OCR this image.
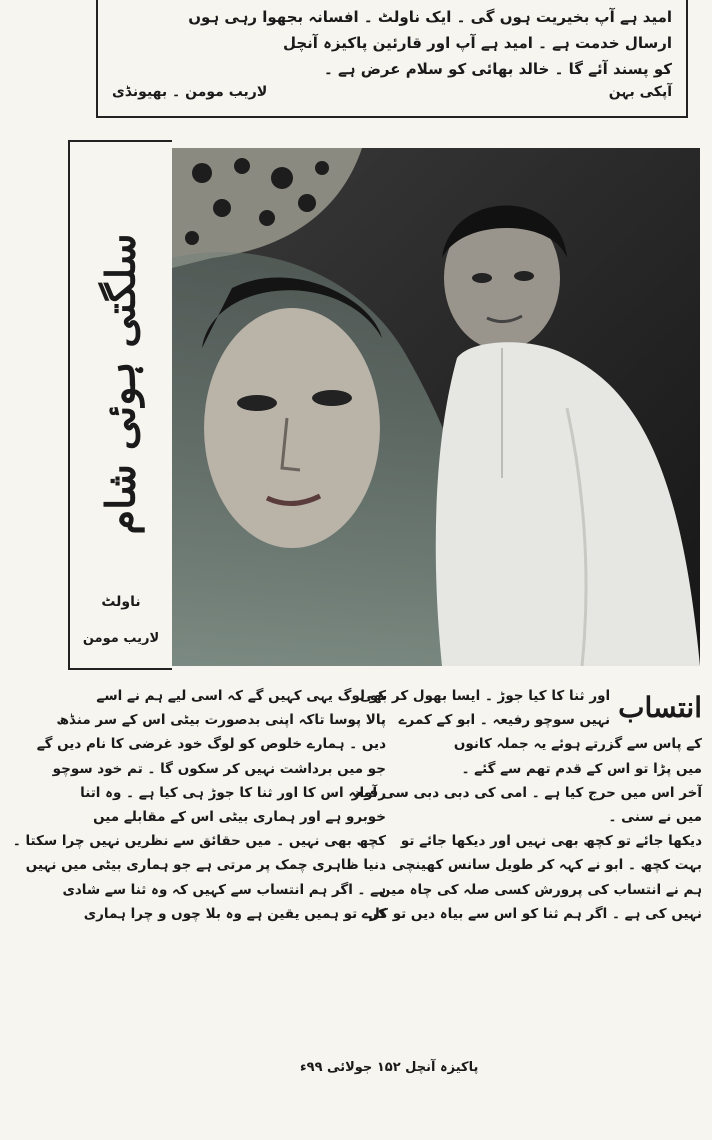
امید ہے آپ بخیریت ہوں گی ۔ ایک ناولٹ ۔ افسانہ بجھوا رہی ہوں
ارسال خدمت ہے ۔ امید ہے آپ اور قارئین پاکیزہ آنچل
کو پسند آئے گا ۔ خالد بھائی کو سلام عرض ہے ۔
آپکی بہن
لاریب مومن ۔ بھیونڈی
سلگتی ہوئی شام
ناولٹ
لاریب مومن
انتساب

اور ثنا کا کیا جوڑ ۔ ایسا بھول کر بھی

نہیں سوچو رفیعہ ۔ ابو کے کمرے

کے پاس سے گزرتے ہوئے یہ جملہ کانوں

میں پڑا تو اس کے قدم تھم سے گئے ۔

آخر اس میں حرج کیا ہے ۔ امی کی دبی دبی سی آواز

میں نے سنی ۔

دیکھا جائے تو کچھ بھی نہیں اور دیکھا جائے تو

بہت کچھ ۔ ابو نے کہہ کر طویل سانس کھینچی ۔

ہم نے انتساب کی پرورش کسی صلہ کی چاہ میں

نہیں کی ہے ۔ اگر ہم ثنا کو اس سے بیاہ دیں تو کل

کو لوگ یہی کہیں گے کہ اسی لیے ہم نے اسے

پالا پوسا تاکہ اپنی بدصورت بیٹی اس کے سر منڈھ

دیں ۔ ہمارے خلوص کو لوگ خود غرضی کا نام دیں گے

جو میں برداشت نہیں کر سکوں گا ۔ تم خود سوچو

رفیعہ اس کا اور ثنا کا جوڑ ہی کیا ہے ۔ وہ اتنا

خوبرو ہے اور ہماری بیٹی اس کے مقابلے میں

کچھ بھی نہیں ۔ میں حقائق سے نظریں نہیں چرا سکتا ۔

دنیا ظاہری چمک پر مرتی ہے جو ہماری بیٹی میں نہیں

ہے ۔ اگر ہم انتساب سے کہیں کہ وہ ثنا سے شادی

کرے تو ہمیں یقین ہے وہ بلا چوں و چرا ہماری

پاکیزہ آنچل ۱۵۲ جولائی ۹۹ء
